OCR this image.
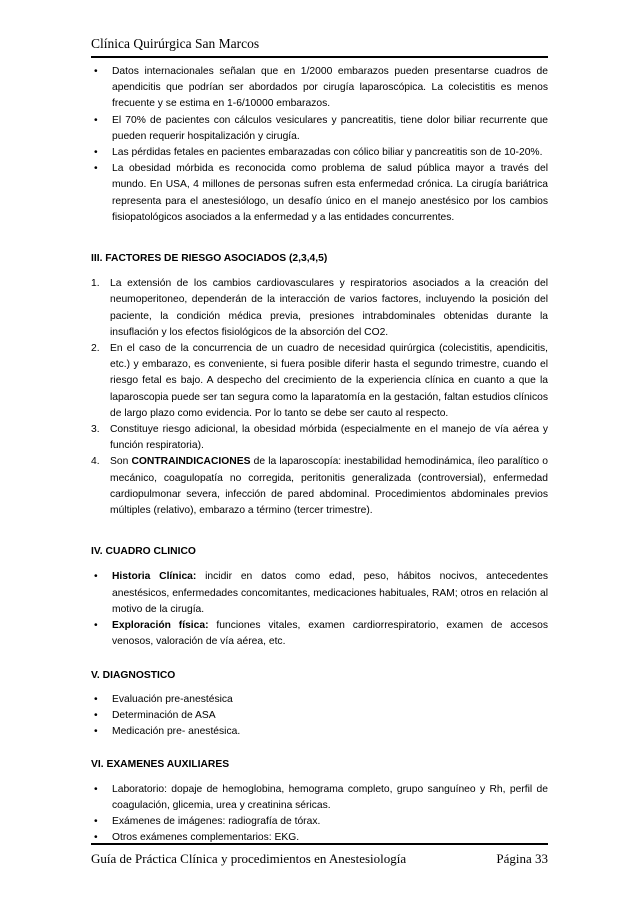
Clínica Quirúrgica San Marcos
• Datos internacionales señalan que en 1/2000 embarazos pueden presentarse cuadros de apendicitis que podrían ser abordados por cirugía laparoscópica. La colecistitis es menos frecuente y se estima en 1-6/10000 embarazos.
• El 70% de pacientes con cálculos vesiculares y pancreatitis, tiene dolor biliar recurrente que pueden requerir hospitalización y cirugía.
• Las pérdidas fetales en pacientes embarazadas con cólico biliar y pancreatitis son de 10-20%.
• La obesidad mórbida es reconocida como problema de salud pública mayor a través del mundo. En USA, 4 millones de personas sufren esta enfermedad crónica. La cirugía bariátrica representa para el anestesiólogo, un desafío único en el manejo anestésico por los cambios fisiopatológicos asociados a la enfermedad y a las entidades concurrentes.

III. FACTORES DE RIESGO ASOCIADOS (2,3,4,5)

1. La extensión de los cambios cardiovasculares y respiratorios asociados a la creación del neumoperitoneo, dependerán de la interacción de varios factores, incluyendo la posición del paciente, la condición médica previa, presiones intrabdominales obtenidas durante la insuflación y los efectos fisiológicos de la absorción del CO2.
2. En el caso de la concurrencia de un cuadro de necesidad quirúrgica (colecistitis, apendicitis, etc.) y embarazo, es conveniente, si fuera posible diferir hasta el segundo trimestre, cuando el riesgo fetal es bajo. A despecho del crecimiento de la experiencia clínica en cuanto a que la laparoscopia puede ser tan segura como la laparatomía en la gestación, faltan estudios clínicos de largo plazo como evidencia. Por lo tanto se debe ser cauto al respecto.
3. Constituye riesgo adicional, la obesidad mórbida (especialmente en el manejo de vía aérea y función respiratoria).
4. Son CONTRAINDICACIONES de la laparoscopía: inestabilidad hemodinámica, íleo paralítico o mecánico, coagulopatía no corregida, peritonitis generalizada (controversial), enfermedad cardiopulmonar severa, infección de pared abdominal. Procedimientos abdominales previos múltiples (relativo), embarazo a término (tercer trimestre).

IV. CUADRO CLINICO

• Historia Clínica: incidir en datos como edad, peso, hábitos nocivos, antecedentes anestésicos, enfermedades concomitantes, medicaciones habituales, RAM; otros en relación al motivo de la cirugía.
• Exploración física: funciones vitales, examen cardiorrespiratorio, examen de accesos venosos, valoración de vía aérea, etc.

V. DIAGNOSTICO

• Evaluación pre-anestésica
• Determinación de ASA
• Medicación pre- anestésica.

VI. EXAMENES AUXILIARES

• Laboratorio: dopaje de hemoglobina, hemograma completo, grupo sanguíneo y Rh, perfil de coagulación, glicemia, urea y creatinina séricas.
• Exámenes de imágenes: radiografía de tórax.
• Otros exámenes complementarios: EKG.
Guía de Práctica Clínica y procedimientos en Anestesiología	Página 33
